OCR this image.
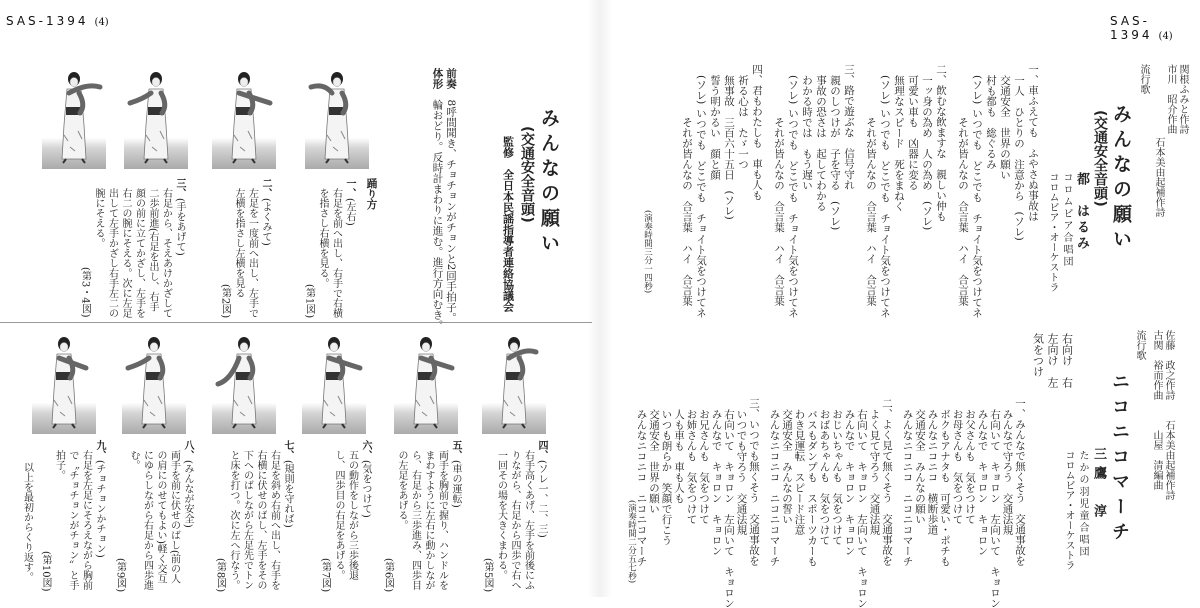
SAS-1394 (4)	SAS-1394 (4)
みんなの願い
(交通安全音頭)
監修　全日本民謡指導者連絡協議会
前奏　8呼間聞き、チョチョンがチョンと2回手拍子。
体形　輪おどり。反時計まわりに進む。進行方向むき。
踊り方
一、(左右)
右足を前へ出し、右手で右横を指さし右横を見る。
(第1図)
二、(よくみて)
左足を一度前へ出し、左手で左横を指さし左横を見る
(第2図)
三、(手をあげて)
右足から、そえあけかざして二歩前進(右足を出し、右手顔の前に立てかざし、左手を右二の腕にそえる。次に左足出して左手かざし右手左二の腕にそえる。
(第3・4図)
四、(ソレ一、二、三)
右手高くあげ、左手を前後にふりながら、右足から四歩で右へ一回その場を大きくまわる。
(第5図)
五、(車の運転)
両手を胸前で握り、ハンドルをまわすように左右に動かしながら、右足から三歩進み、四歩目の左足をあげる。
(第6図)
六、(気をつけて)
五の動作をしながら三歩後退し、四歩目の右足をあげる。
(第7図)
七、(規則を守れば)
右足を斜め右前へ出し、右手を右横に伏せのばし、左手をその下へのばしながら左足先でトンと床を打つ。次に左へ行なう。
(第8図)
八、(みんなが安全)
両手を前に伏せのばし(前の人の肩にのせてもよい)軽く交互にゆらしながら右足から四歩進む。
(第9図)
九、(チョチョンかチョン)
右足を左足にそろえながら胸前で〝チョチョンがチョン〟と手拍子。
(第10図)
以上を最初からくり返す。
関根ふみと作詩
市川　昭介作曲
石本美由起補作詩
流行歌
みんなの願い
(交通安全音頭)
都　はるみ
コロムビア合唱団
コロムビア・オーケストラ
一、車ふえても　ふやさぬ事故は
一人　ひとりの　注意から　(ソレ)
交通安全　世界の願い
村も都も　総ぐるみ
(ソレ) いつでも　どこでも　チョイト気をつけてネ
それが皆んなの　合言葉　ハイ　合言葉
二、飲むな飲ますな　親しい仲も
一ッ身の為め　人の為め　(ソレ)
可愛い車も　凶器に変る
無理なスピード　死をまねく
(ソレ) いつでも　どこでも　チョイト気をつけてネ
それが皆んなの　合言葉　ハイ　合言葉
三、路で遊ぶな　信号守れ
親のしつけが　子を守る　(ソレ)
事故の恐さは　起してわかる
わかる時では　もう遅い
(ソレ) いつでも　どこでも　チョイト気をつけてネ
それが皆んなの　合言葉　ハイ　合言葉
四、君もわたしも　車も人も
祈る心は　たゞ一つ
無事故　三百六十五日　(ソレ)
誓う明かるい　顔と顔
(ソレ) いつでも　どこでも　チョイト気をつけてネ
それが皆んなの　合言葉　ハイ　合言葉
(演奏時間三分一四秒)
佐藤　政之作詩
古関　裕而作曲
石本美由起補作詩
山屋　清編曲
流行歌
ニコニコマーチ
三鷹　淳
たかの羽児童合唱団
コロムビア・オーケストラ
右向け　右
左向け　左
気をつけ
一、みんなで無くそう　交通事故を
みんなで守ろう　交通法規
右向いて　キョロン　左向いて　キョロン
みんなで　キョロン　キョロン
お父さんも　気をつけて
お母さんも　気をつけて
ボクもアナタも　可愛い・ポチも
みんなニコニコ　横断歩道
交通安全　みんなの願い
みんなニコニコ　ニコニコマーチ
二、よく見て無くそう　交通事故を
よく見て守ろう　交通法規
右向いて　キョロン　左向いて　キョロン
みんなで　キョロン　キョロン
おじいちゃんも　気をつけて
おばあちゃんも　気をつけて
バスもダンプも　スポーツカーも
わき見運転　スピード注意
交通安全　みんなの誓い
みんなニコニコ　ニコニコマーチ
三、いつでも無くそう　交通事故を
いつでも守ろう　交通法規
右向いて　キョロン　左向いて　キョロン
みんなで　キョロン　キョロン
お兄さんも　気をつけて
お姉さんも　気をつけて
人も車も　車も人も
いつも朗らか　笑顔で行こう
交通安全　世界の願い
みんなニコニコ　ニコニコマーチ
(演奏時間二分五七秒)
